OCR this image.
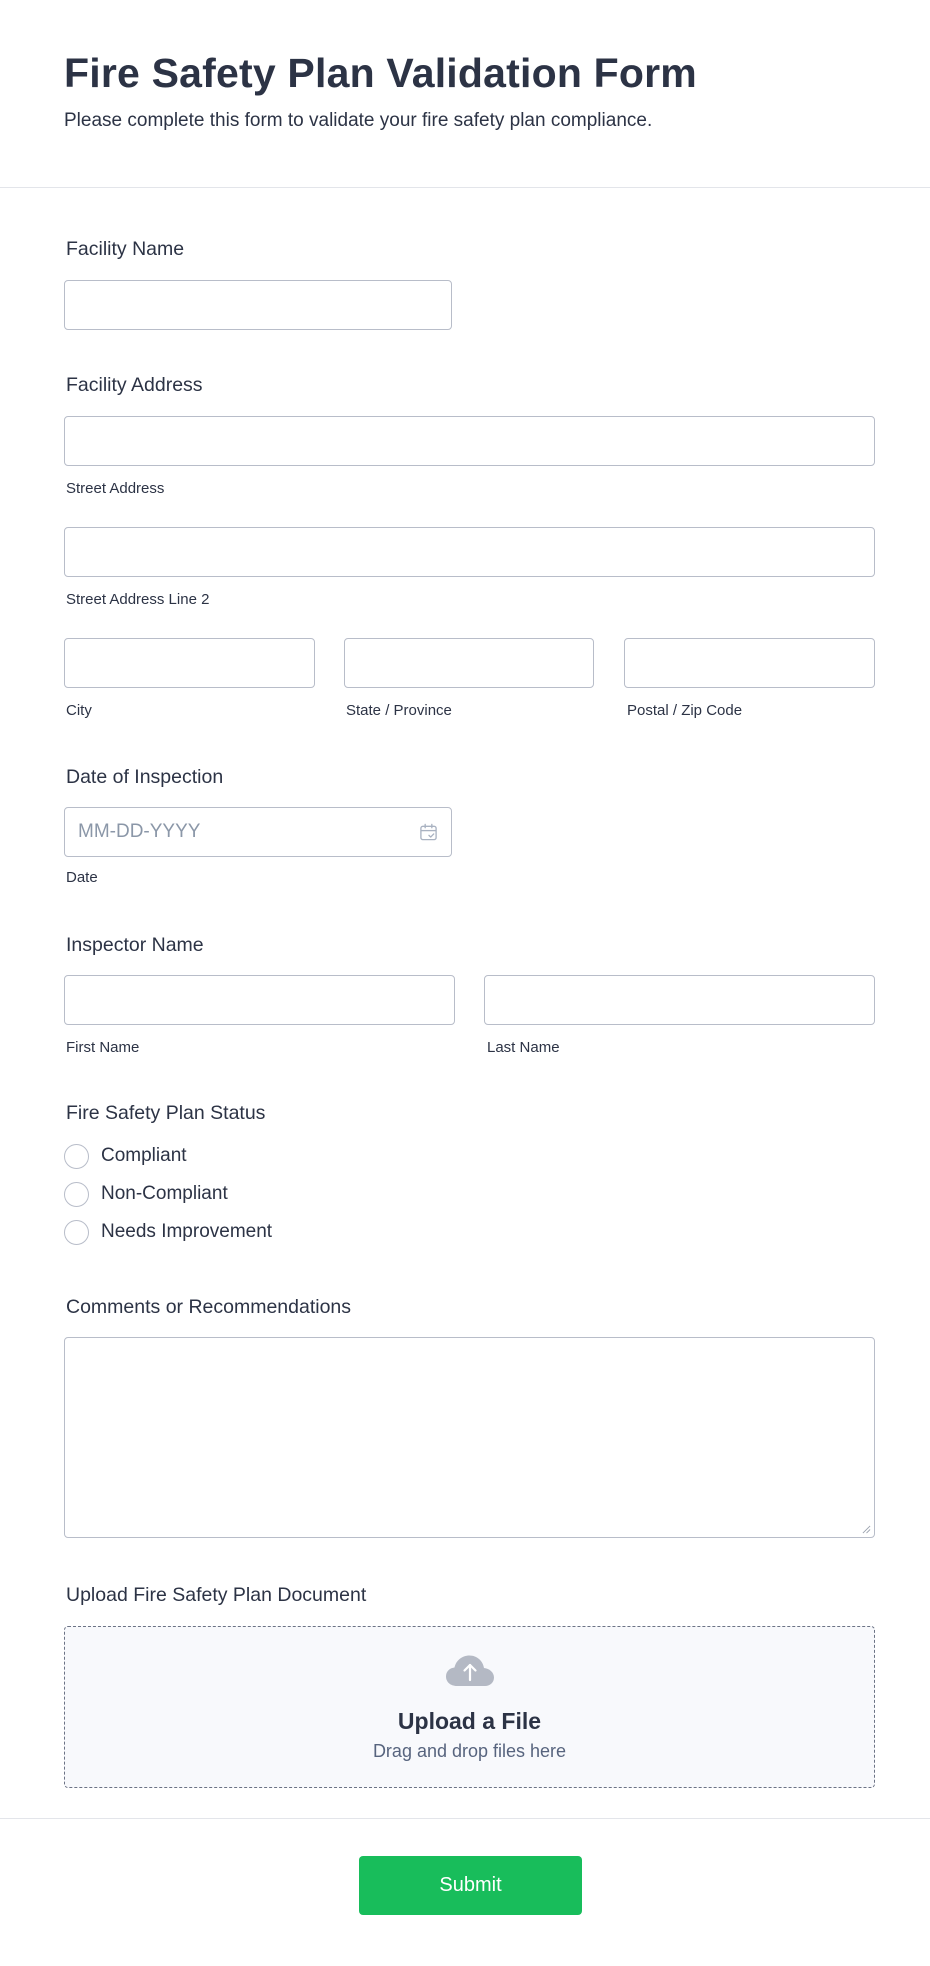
Fire Safety Plan Validation Form

Please complete this form to validate your fire safety plan compliance.

Facility Name
Facility Address
Street Address
Street Address Line 2
City	State / Province	Postal / Zip Code
Date of Inspection
MM-DD-YYYY
Date
Inspector Name
First Name	Last Name
Fire Safety Plan Status
Compliant
Non-Compliant
Needs Improvement
Comments or Recommendations
Upload Fire Safety Plan Document
Upload a File
Drag and drop files here
Submit
